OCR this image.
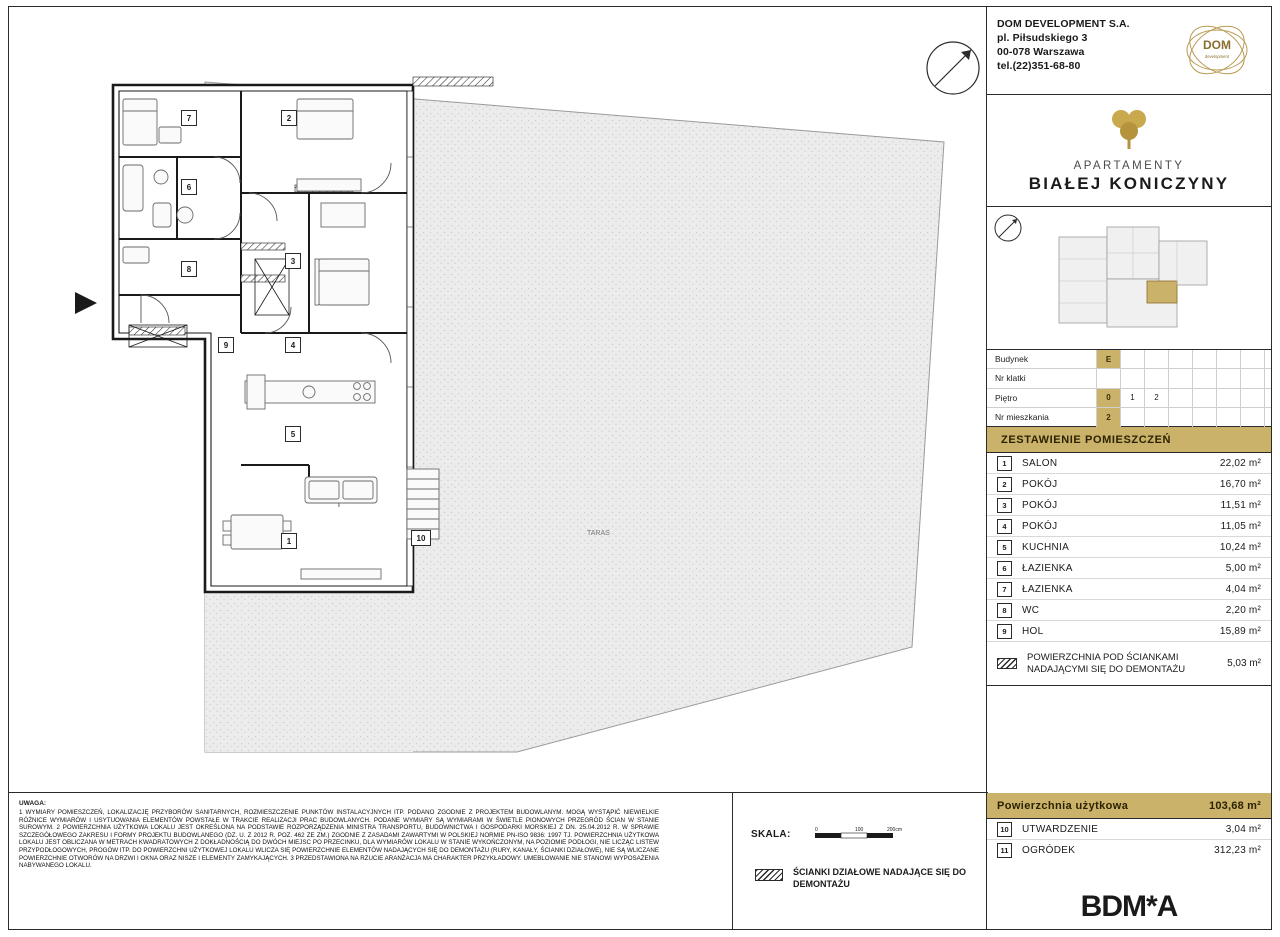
TARAS
7	2
6
8
3
9	4
5
1	10
DOM DEVELOPMENT S.A.
pl. Piłsudskiego 3
00-078 Warszawa
tel.(22)351-68-80
DOM
development
APARTAMENTY
BIAŁEJ KONICZYNY
Budynek	E
Nr klatki
Piętro	0	1	2
Nr mieszkania	2
ZESTAWIENIE POMIESZCZEŃ
1	SALON	22,02 m²
2	POKÓJ	16,70 m²
3	POKÓJ	11,51 m²
4	POKÓJ	11,05 m²
5	KUCHNIA	10,24 m²
6	ŁAZIENKA	5,00 m²
7	ŁAZIENKA	4,04 m²
8	WC	2,20 m²
9	HOL	15,89 m²
POWIERZCHNIA POD ŚCIANKAMI NADAJĄCYMI SIĘ DO DEMONTAŻU	5,03 m²
Powierzchnia użytkowa	103,68 m²
10	UTWARDZENIE	3,04 m²
11	OGRÓDEK	312,23 m²
BDM*A
UWAGA:
1 WYMIARY POMIESZCZEŃ, LOKALIZACJĘ PRZYBORÓW SANITARNYCH, ROZMIESZCZENIE PUNKTÓW INSTALACYJNYCH ITP. PODANO ZGODNIE Z PROJEKTEM BUDOWLANYM. MOGĄ WYSTĄPIĆ NIEWIELKIE RÓŻNICE WYMIARÓW I USYTUOWANIA ELEMENTÓW POWSTAŁE W TRAKCIE REALIZACJI PRAC BUDOWLANYCH. PODANE WYMIARY SĄ WYMIARAMI W ŚWIETLE PIONOWYCH PRZEGRÓD ŚCIAN W STANIE SUROWYM. 2 POWIERZCHNIA UŻYTKOWA LOKALU JEST OKREŚLONA NA PODSTAWIE ROZPORZĄDZENIA MINISTRA TRANSPORTU, BUDOWNICTWA I GOSPODARKI MORSKIEJ Z DN. 25.04.2012 R. W SPRAWIE SZCZEGÓŁOWEGO ZAKRESU I FORMY PROJEKTU BUDOWLANEGO (DZ. U. Z 2012 R. POZ. 462 ZE ZM.) ZGODNIE Z ZASADAMI ZAWARTYMI W POLSKIEJ NORMIE PN-ISO 9836: 1997 TJ. POWIERZCHNIA UŻYTKOWA LOKALU JEST OBLICZANA W METRACH KWADRATOWYCH Z DOKŁADNOŚCIĄ DO DWÓCH MIEJSC PO PRZECINKU, DLA WYMIARÓW LOKALU W STANIE WYKOŃCZONYM, NA POZIOMIE PODŁOGI, NIE LICZĄC LISTEW PRZYPODŁOGOWYCH, PROGÓW ITP. DO POWIERZCHNI UŻYTKOWEJ LOKALU WLICZA SIĘ POWIERZCHNIE ELEMENTÓW NADAJĄCYCH SIĘ DO DEMONTAŻU (RURY, KANAŁY, ŚCIANKI DZIAŁOWE), NIE SĄ WLICZANE POWIERZCHNIE OTWORÓW NA DRZWI I OKNA ORAZ NISZE I ELEMENTY ZAMYKAJĄCYCH. 3 PRZEDSTAWIONA NA RZUCIE ARANŻACJA MA CHARAKTER PRZYKŁADOWY. UMEBLOWANIE NIE STANOWI WYPOSAŻENIA NABYWANEGO LOKALU.
SKALA:	0	100	200cm
ŚCIANKI DZIAŁOWE NADAJĄCE SIĘ DO DEMONTAŻU
